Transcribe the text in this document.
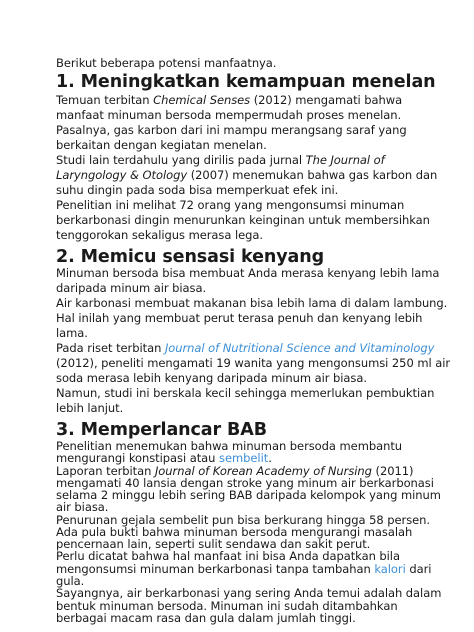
Berikut beberapa potensi manfaatnya.

1. Meningkatkan kemampuan menelan

Temuan terbitan Chemical Senses (2012) mengamati bahwa

manfaat minuman bersoda mempermudah proses menelan.

Pasalnya, gas karbon dari ini mampu merangsang saraf yang

berkaitan dengan kegiatan menelan.

Studi lain terdahulu yang dirilis pada jurnal The Journal of

Laryngology & Otology (2007) menemukan bahwa gas karbon dan

suhu dingin pada soda bisa memperkuat efek ini.

Penelitian ini melihat 72 orang yang mengonsumsi minuman

berkarbonasi dingin menurunkan keinginan untuk membersihkan

tenggorokan sekaligus merasa lega.

2. Memicu sensasi kenyang

Minuman bersoda bisa membuat Anda merasa kenyang lebih lama

daripada minum air biasa.

Air karbonasi membuat makanan bisa lebih lama di dalam lambung.

Hal inilah yang membuat perut terasa penuh dan kenyang lebih

lama.

Pada riset terbitan Journal of Nutritional Science and Vitaminology

(2012), peneliti mengamati 19 wanita yang mengonsumsi 250 ml air

soda merasa lebih kenyang daripada minum air biasa.

Namun, studi ini berskala kecil sehingga memerlukan pembuktian

lebih lanjut.

3. Memperlancar BAB

Penelitian menemukan bahwa minuman bersoda membantu

mengurangi konstipasi atau sembelit.

Laporan terbitan Journal of Korean Academy of Nursing (2011)

mengamati 40 lansia dengan stroke yang minum air berkarbonasi

selama 2 minggu lebih sering BAB daripada kelompok yang minum

air biasa.

Penurunan gejala sembelit pun bisa berkurang hingga 58 persen.

Ada pula bukti bahwa minuman bersoda mengurangi masalah

pencernaan lain, seperti sulit sendawa dan sakit perut.

Perlu dicatat bahwa hal manfaat ini bisa Anda dapatkan bila

mengonsumsi minuman berkarbonasi tanpa tambahan kalori dari

gula.

Sayangnya, air berkarbonasi yang sering Anda temui adalah dalam

bentuk minuman bersoda. Minuman ini sudah ditambahkan

berbagai macam rasa dan gula dalam jumlah tinggi.
